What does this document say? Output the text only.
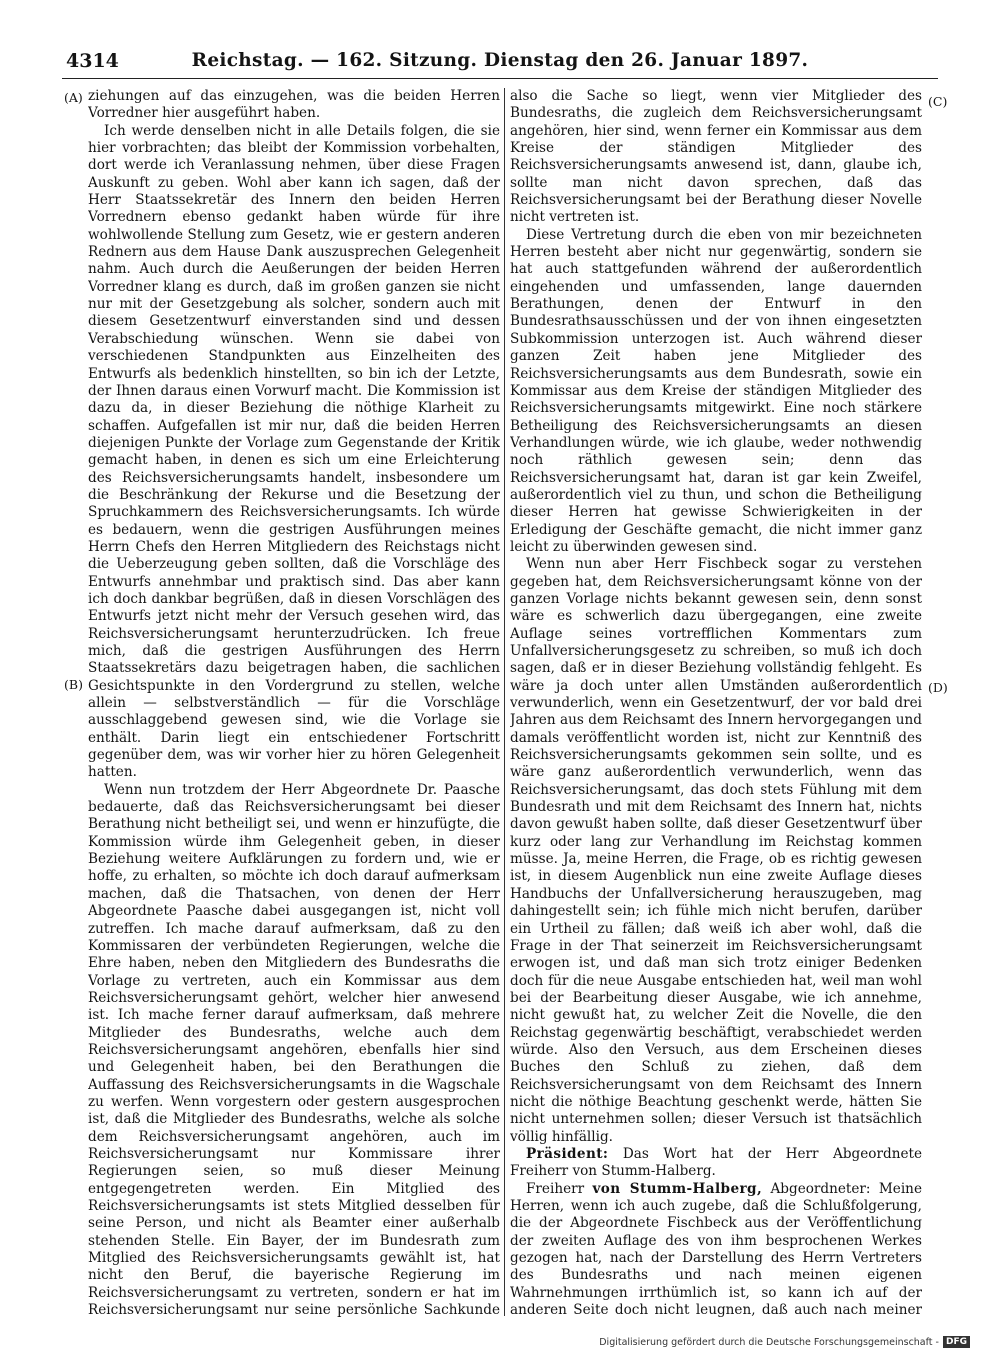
4314	Reichstag. — 162. Sitzung. Dienstag den 26. Januar 1897.
(A)
(B)
(C)
(D)

ziehungen auf das einzugehen, was die beiden Herren Vorredner hier ausgeführt haben.

Ich werde denselben nicht in alle Details folgen, die sie hier vorbrachten; das bleibt der Kommission vorbehalten, dort werde ich Veranlassung nehmen, über diese Fragen Auskunft zu geben. Wohl aber kann ich sagen, daß der Herr Staatssekretär des Innern den beiden Herren Vorrednern ebenso gedankt haben würde für ihre wohlwollende Stellung zum Gesetz, wie er gestern anderen Rednern aus dem Hause Dank auszusprechen Gelegenheit nahm. Auch durch die Aeußerungen der beiden Herren Vorredner klang es durch, daß im großen ganzen sie nicht nur mit der Gesetzgebung als solcher, sondern auch mit diesem Gesetzentwurf einverstanden sind und dessen Verabschiedung wünschen. Wenn sie dabei von verschiedenen Standpunkten aus Einzelheiten des Entwurfs als bedenklich hinstellten, so bin ich der Letzte, der Ihnen daraus einen Vorwurf macht. Die Kommission ist dazu da, in dieser Beziehung die nöthige Klarheit zu schaffen. Aufgefallen ist mir nur, daß die beiden Herren diejenigen Punkte der Vorlage zum Gegenstande der Kritik gemacht haben, in denen es sich um eine Erleichterung des Reichsversicherungsamts handelt, insbesondere um die Beschränkung der Rekurse und die Besetzung der Spruchkammern des Reichsversicherungsamts. Ich würde es bedauern, wenn die gestrigen Ausführungen meines Herrn Chefs den Herren Mitgliedern des Reichstags nicht die Ueberzeugung geben sollten, daß die Vorschläge des Entwurfs annehmbar und praktisch sind. Das aber kann ich doch dankbar begrüßen, daß in diesen Vorschlägen des Entwurfs jetzt nicht mehr der Versuch gesehen wird, das Reichsversicherungsamt herunterzudrücken. Ich freue mich, daß die gestrigen Ausführungen des Herrn Staatssekretärs dazu beigetragen haben, die sachlichen Gesichtspunkte in den Vordergrund zu stellen, welche allein — selbstverständlich — für die Vorschläge ausschlaggebend gewesen sind, wie die Vorlage sie enthält. Darin liegt ein entschiedener Fortschritt gegenüber dem, was wir vorher hier zu hören Gelegenheit hatten.

Wenn nun trotzdem der Herr Abgeordnete Dr. Paasche bedauerte, daß das Reichsversicherungsamt bei dieser Berathung nicht betheiligt sei, und wenn er hinzufügte, die Kommission würde ihm Gelegenheit geben, in dieser Beziehung weitere Aufklärungen zu fordern und, wie er hoffe, zu erhalten, so möchte ich doch darauf aufmerksam machen, daß die Thatsachen, von denen der Herr Abgeordnete Paasche dabei ausgegangen ist, nicht voll zutreffen. Ich mache darauf aufmerksam, daß zu den Kommissaren der verbündeten Regierungen, welche die Ehre haben, neben den Mitgliedern des Bundesraths die Vorlage zu vertreten, auch ein Kommissar aus dem Reichsversicherungsamt gehört, welcher hier anwesend ist. Ich mache ferner darauf aufmerksam, daß mehrere Mitglieder des Bundesraths, welche auch dem Reichsversicherungsamt angehören, ebenfalls hier sind und Gelegenheit haben, bei den Berathungen die Auffassung des Reichsversicherungsamts in die Wagschale zu werfen. Wenn vorgestern oder gestern ausgesprochen ist, daß die Mitglieder des Bundesraths, welche als solche dem Reichsversicherungsamt angehören, auch im Reichsversicherungsamt nur Kommissare ihrer Regierungen seien, so muß dieser Meinung entgegengetreten werden. Ein Mitglied des Reichsversicherungsamts ist stets Mitglied desselben für seine Person, und nicht als Beamter einer außerhalb stehenden Stelle. Ein Bayer, der im Bundesrath zum Mitglied des Reichsversicherungsamts gewählt ist, hat nicht den Beruf, die bayerische Regierung im Reichsversicherungsamt zu vertreten, sondern er hat im Reichsversicherungsamt nur seine persönliche Sachkunde

also die Sache so liegt, wenn vier Mitglieder des Bundesraths, die zugleich dem Reichsversicherungsamt angehören, hier sind, wenn ferner ein Kommissar aus dem Kreise der ständigen Mitglieder des Reichsversicherungsamts anwesend ist, dann, glaube ich, sollte man nicht davon sprechen, daß das Reichsversicherungsamt bei der Berathung dieser Novelle nicht vertreten ist.

Diese Vertretung durch die eben von mir bezeichneten Herren besteht aber nicht nur gegenwärtig, sondern sie hat auch stattgefunden während der außerordentlich eingehenden und umfassenden, lange dauernden Berathungen, denen der Entwurf in den Bundesrathsausschüssen und der von ihnen eingesetzten Subkommission unterzogen ist. Auch während dieser ganzen Zeit haben jene Mitglieder des Reichsversicherungsamts aus dem Bundesrath, sowie ein Kommissar aus dem Kreise der ständigen Mitglieder des Reichsversicherungsamts mitgewirkt. Eine noch stärkere Betheiligung des Reichsversicherungsamts an diesen Verhandlungen würde, wie ich glaube, weder nothwendig noch räthlich gewesen sein; denn das Reichsversicherungsamt hat, daran ist gar kein Zweifel, außerordentlich viel zu thun, und schon die Betheiligung dieser Herren hat gewisse Schwierigkeiten in der Erledigung der Geschäfte gemacht, die nicht immer ganz leicht zu überwinden gewesen sind.

Wenn nun aber Herr Fischbeck sogar zu verstehen gegeben hat, dem Reichsversicherungsamt könne von der ganzen Vorlage nichts bekannt gewesen sein, denn sonst wäre es schwerlich dazu übergegangen, eine zweite Auflage seines vortrefflichen Kommentars zum Unfallversicherungsgesetz zu schreiben, so muß ich doch sagen, daß er in dieser Beziehung vollständig fehlgeht. Es wäre ja doch unter allen Umständen außerordentlich verwunderlich, wenn ein Gesetzentwurf, der vor bald drei Jahren aus dem Reichsamt des Innern hervorgegangen und damals veröffentlicht worden ist, nicht zur Kenntniß des Reichsversicherungsamts gekommen sein sollte, und es wäre ganz außerordentlich verwunderlich, wenn das Reichsversicherungsamt, das doch stets Fühlung mit dem Bundesrath und mit dem Reichsamt des Innern hat, nichts davon gewußt haben sollte, daß dieser Gesetzentwurf über kurz oder lang zur Verhandlung im Reichstag kommen müsse. Ja, meine Herren, die Frage, ob es richtig gewesen ist, in diesem Augenblick nun eine zweite Auflage dieses Handbuchs der Unfallversicherung herauszugeben, mag dahingestellt sein; ich fühle mich nicht berufen, darüber ein Urtheil zu fällen; daß weiß ich aber wohl, daß die Frage in der That seinerzeit im Reichsversicherungsamt erwogen ist, und daß man sich trotz einiger Bedenken doch für die neue Ausgabe entschieden hat, weil man wohl bei der Bearbeitung dieser Ausgabe, wie ich annehme, nicht gewußt hat, zu welcher Zeit die Novelle, die den Reichstag gegenwärtig beschäftigt, verabschiedet werden würde. Also den Versuch, aus dem Erscheinen dieses Buches den Schluß zu ziehen, daß dem Reichsversicherungsamt von dem Reichsamt des Innern nicht die nöthige Beachtung geschenkt werde, hätten Sie nicht unternehmen sollen; dieser Versuch ist thatsächlich völlig hinfällig.

Präsident: Das Wort hat der Herr Abgeordnete Freiherr von Stumm-Halberg.

Freiherr von Stumm-Halberg, Abgeordneter: Meine Herren, wenn ich auch zugebe, daß die Schlußfolgerung, die der Abgeordnete Fischbeck aus der Veröffentlichung der zweiten Auflage des von ihm besprochenen Werkes gezogen hat, nach der Darstellung des Herrn Vertreters des Bundesraths und nach meinen eigenen Wahrnehmungen irrthümlich ist, so kann ich auf der anderen Seite doch nicht leugnen, daß auch nach meiner

Digitalisierung gefördert durch die Deutsche Forschungsgemeinschaft - DFG
